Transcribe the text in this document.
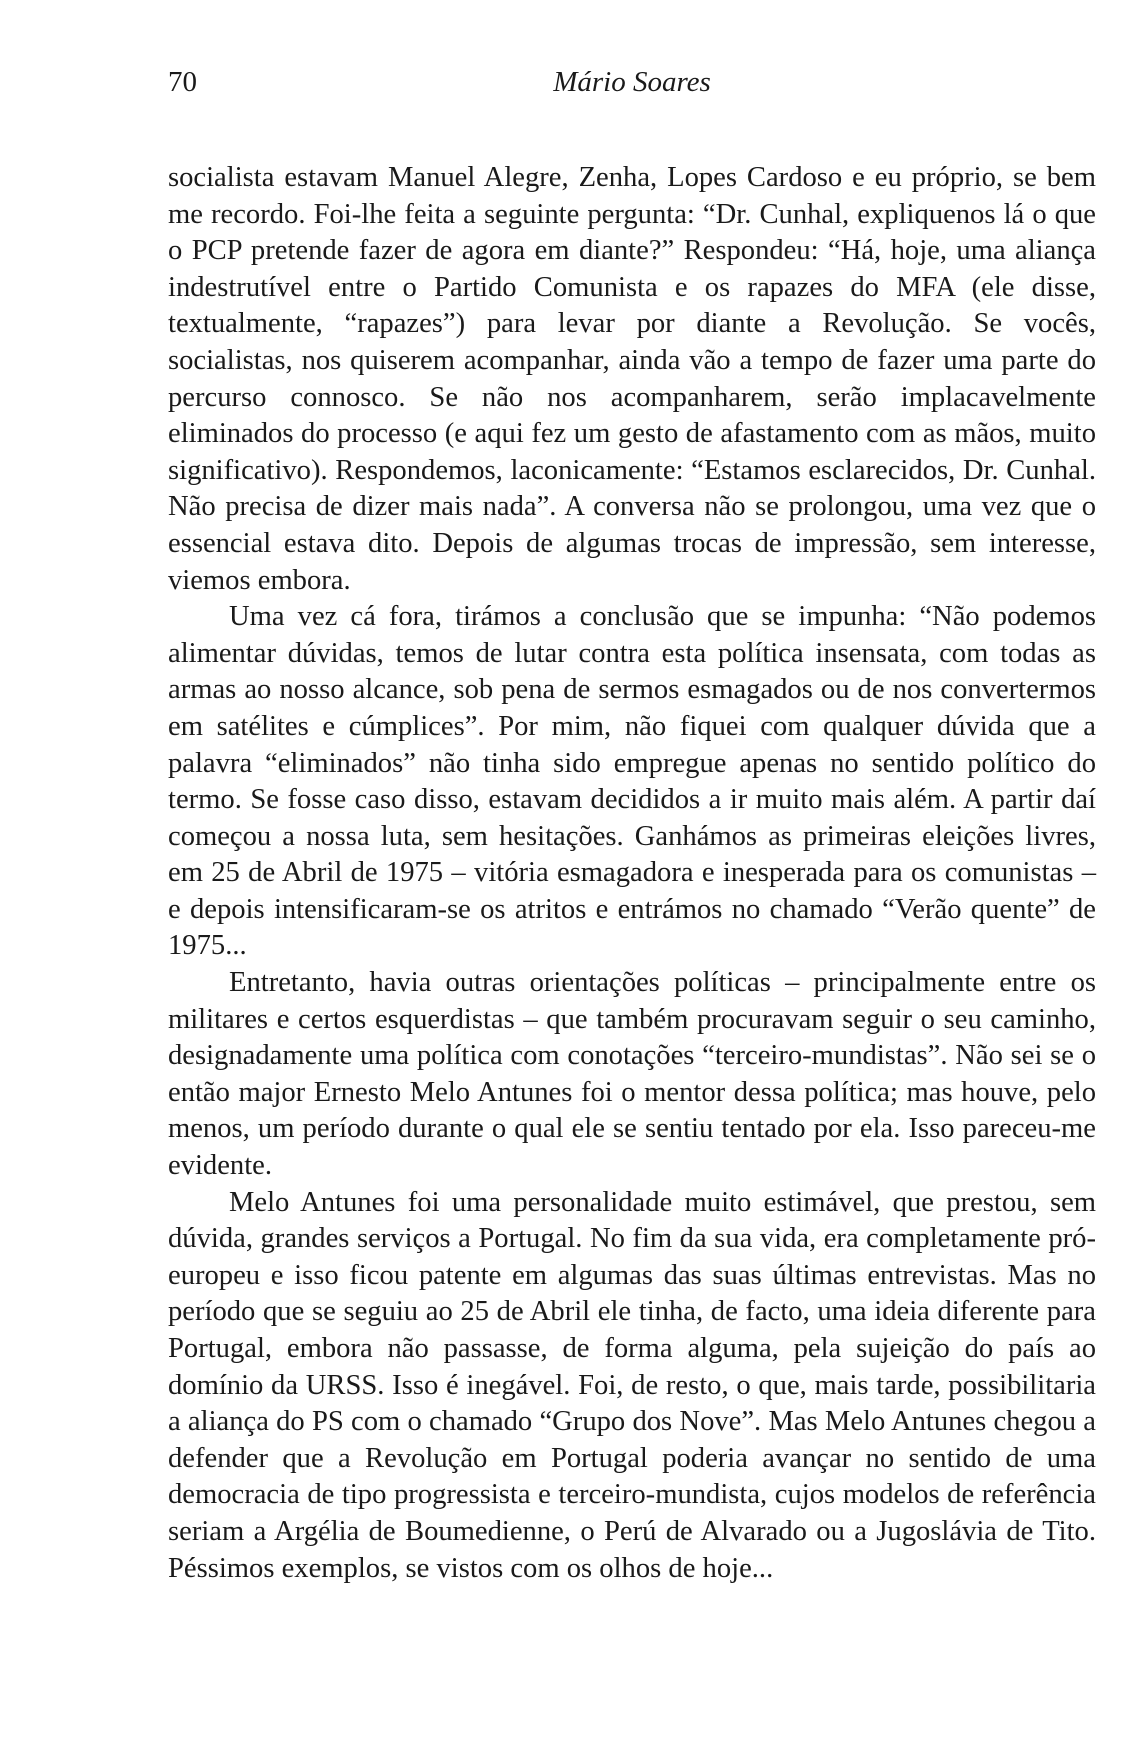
70	Mário Soares

socialista estavam Manuel Alegre, Zenha, Lopes Cardoso e eu próprio, se bem me recordo. Foi-lhe feita a seguinte pergunta: “Dr. Cunhal, expliquenos lá o que o PCP pretende fazer de agora em diante?” Respondeu: “Há, hoje, uma aliança indestrutível entre o Partido Comunista e os rapazes do MFA (ele disse, textualmente, “rapazes”) para levar por diante a Revolução. Se vocês, socialistas, nos quiserem acompanhar, ainda vão a tempo de fazer uma parte do percurso connosco. Se não nos acompanharem, serão implacavelmente eliminados do processo (e aqui fez um gesto de afastamento com as mãos, muito significativo). Respondemos, laconicamente: “Estamos esclarecidos, Dr. Cunhal. Não precisa de dizer mais nada”. A conversa não se prolongou, uma vez que o essencial estava dito. Depois de algumas trocas de impressão, sem interesse, viemos embora.

Uma vez cá fora, tirámos a conclusão que se impunha: “Não podemos alimentar dúvidas, temos de lutar contra esta política insensata, com todas as armas ao nosso alcance, sob pena de sermos esmagados ou de nos convertermos em satélites e cúmplices”. Por mim, não fiquei com qualquer dúvida que a palavra “eliminados” não tinha sido empregue apenas no sentido político do termo. Se fosse caso disso, estavam decididos a ir muito mais além. A partir daí começou a nossa luta, sem hesitações. Ganhámos as primeiras eleições livres, em 25 de Abril de 1975 – vitória esmagadora e inesperada para os comunistas – e depois intensificaram-se os atritos e entrámos no chamado “Verão quente” de 1975...

Entretanto, havia outras orientações políticas – principalmente entre os militares e certos esquerdistas – que também procuravam seguir o seu caminho, designadamente uma política com conotações “terceiro-mundistas”. Não sei se o então major Ernesto Melo Antunes foi o mentor dessa política; mas houve, pelo menos, um período durante o qual ele se sentiu tentado por ela. Isso pareceu-me evidente.

Melo Antunes foi uma personalidade muito estimável, que prestou, sem dúvida, grandes serviços a Portugal. No fim da sua vida, era completamente pró-europeu e isso ficou patente em algumas das suas últimas entrevistas. Mas no período que se seguiu ao 25 de Abril ele tinha, de facto, uma ideia diferente para Portugal, embora não passasse, de forma alguma, pela sujeição do país ao domínio da URSS. Isso é inegável. Foi, de resto, o que, mais tarde, possibilitaria a aliança do PS com o chamado “Grupo dos Nove”. Mas Melo Antunes chegou a defender que a Revolução em Portugal poderia avançar no sentido de uma democracia de tipo progressista e terceiro-mundista, cujos modelos de referência seriam a Argélia de Boumedienne, o Perú de Alvarado ou a Jugoslávia de Tito. Péssimos exemplos, se vistos com os olhos de hoje...
